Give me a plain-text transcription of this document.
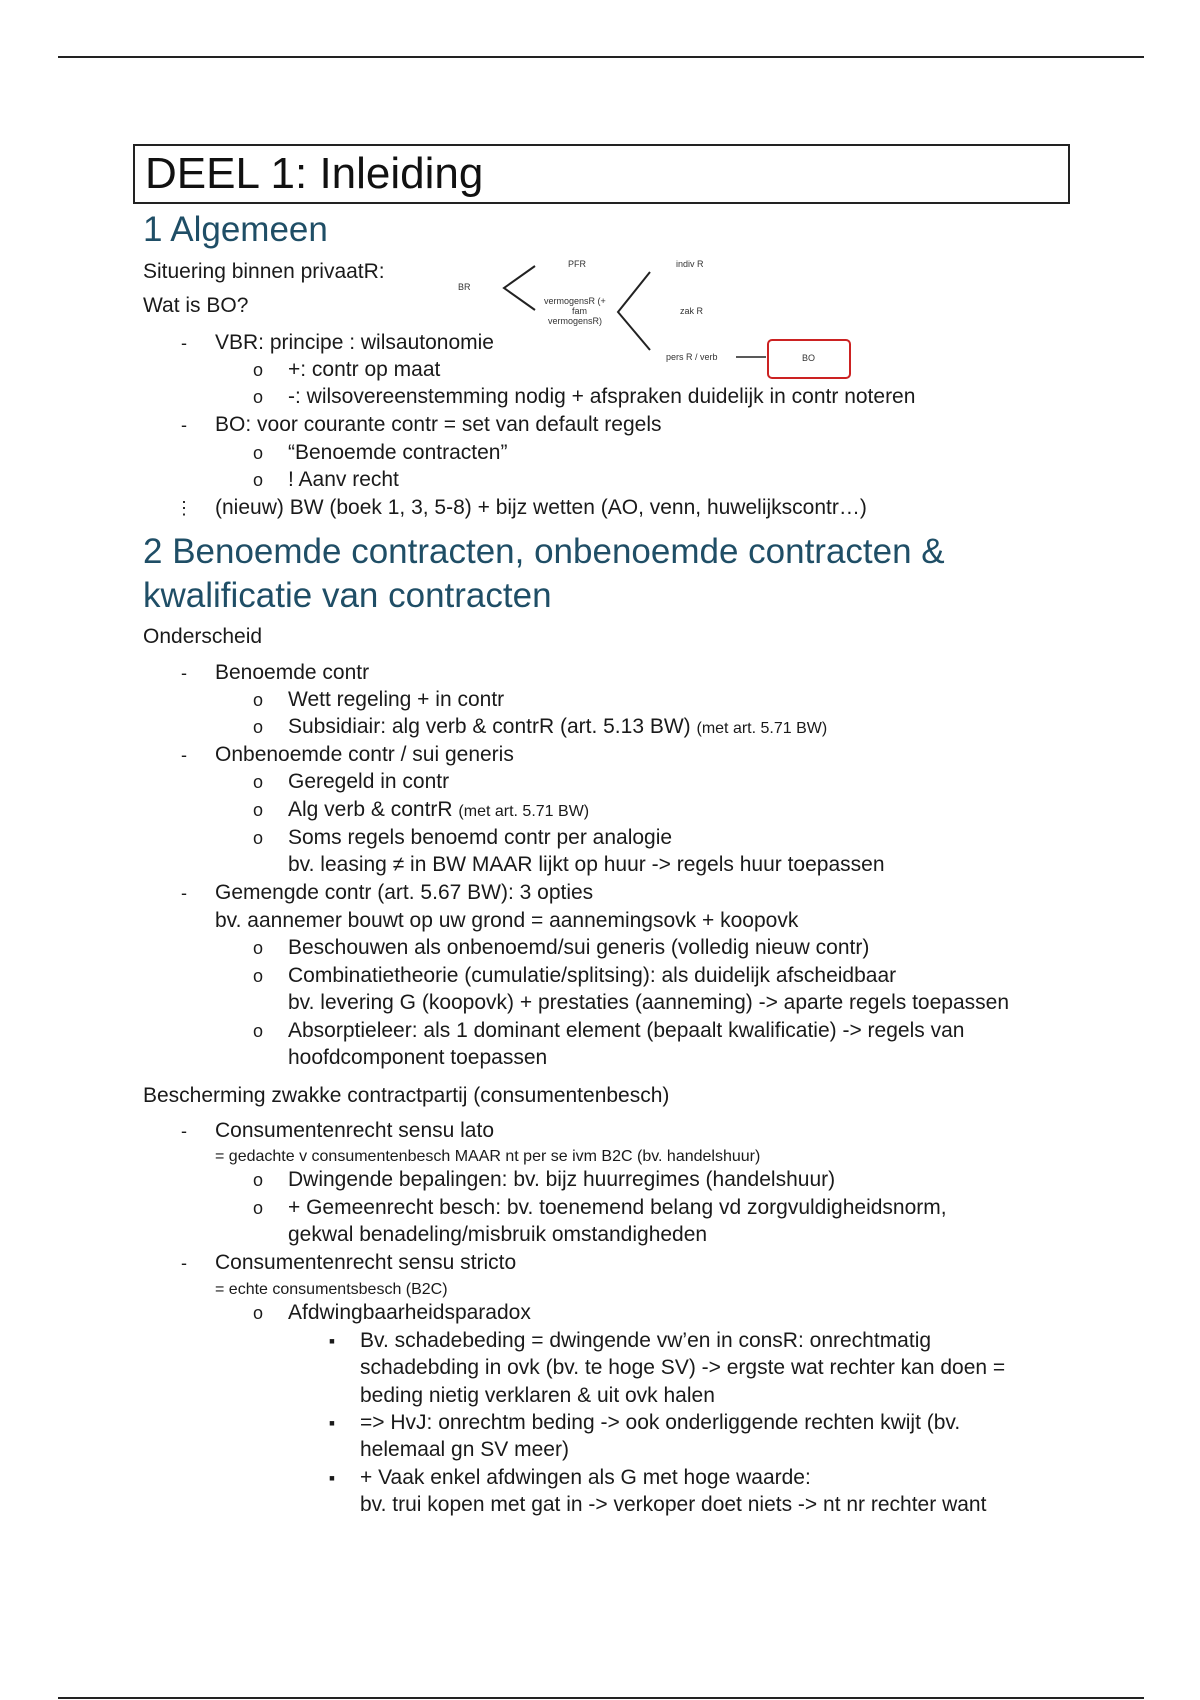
DEEL 1: Inleiding
1 Algemeen
Situering binnen privaatR:
Wat is BO?
BR
PFR
vermogensR (+
fam
vermogensR)
indiv R
zak R
pers R / verb	BO
-	VBR: principe : wilsautonomie
o +: contr op maat
o -: wilsovereenstemming nodig + afspraken duidelijk in contr noteren
-	BO: voor courante contr = set van default regels
o “Benoemde contracten”
o ! Aanv recht
⋮ (nieuw) BW (boek 1, 3, 5-8) + bijz wetten (AO, venn, huwelijkscontr…)
2 Benoemde contracten, onbenoemde contracten &
kwalificatie van contracten
Onderscheid
-	Benoemde contr
o Wett regeling + in contr
o Subsidiair: alg verb & contrR (art. 5.13 BW) (met art. 5.71 BW)
-	Onbenoemde contr / sui generis
o Geregeld in contr
o Alg verb & contrR (met art. 5.71 BW)
o Soms regels benoemd contr per analogie
bv. leasing ≠ in BW MAAR lijkt op huur -> regels huur toepassen
-	Gemengde contr (art. 5.67 BW): 3 opties
bv. aannemer bouwt op uw grond = aannemingsovk + koopovk
o Beschouwen als onbenoemd/sui generis (volledig nieuw contr)
o Combinatietheorie (cumulatie/splitsing): als duidelijk afscheidbaar
bv. levering G (koopovk) + prestaties (aanneming) -> aparte regels toepassen
o Absorptieleer: als 1 dominant element (bepaalt kwalificatie) -> regels van
hoofdcomponent toepassen
Bescherming zwakke contractpartij (consumentenbesch)
-	Consumentenrecht sensu lato
= gedachte v consumentenbesch MAAR nt per se ivm B2C (bv. handelshuur)
o Dwingende bepalingen: bv. bijz huurregimes (handelshuur)
o + Gemeenrecht besch: bv. toenemend belang vd zorgvuldigheidsnorm,
gekwal benadeling/misbruik omstandigheden
-	Consumentenrecht sensu stricto
= echte consumentsbesch (B2C)
o Afdwingbaarheidsparadox
▪	Bv. schadebeding = dwingende vw’en in consR: onrechtmatig
schadebding in ovk (bv. te hoge SV) -> ergste wat rechter kan doen =
beding nietig verklaren & uit ovk halen
▪	=> HvJ: onrechtm beding -> ook onderliggende rechten kwijt (bv.
helemaal gn SV meer)
▪	+ Vaak enkel afdwingen als G met hoge waarde:
bv. trui kopen met gat in -> verkoper doet niets -> nt nr rechter want
